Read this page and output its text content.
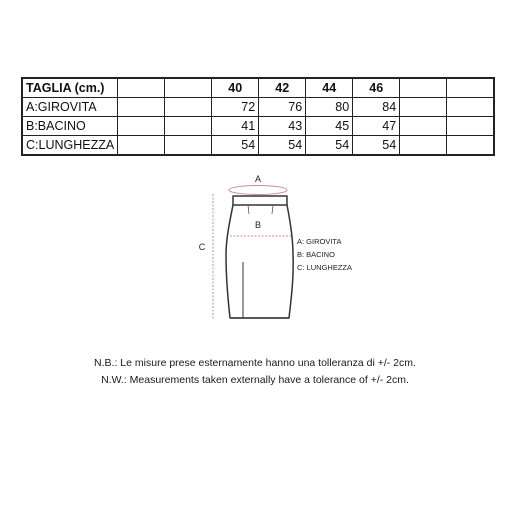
TAGLIA (cm.)			40	42	44	46		
A:GIROVITA			72	76	80	84		
B:BACINO			41	43	45	47		
C:LUNGHEZZA			54	54	54	54		
A
B
C
A: GIROVITA
B: BACINO
C: LUNGHEZZA
N.B.: Le misure prese esternamente hanno una tolleranza di +/- 2cm.
N.W.: Measurements taken externally have a tolerance of +/- 2cm.
